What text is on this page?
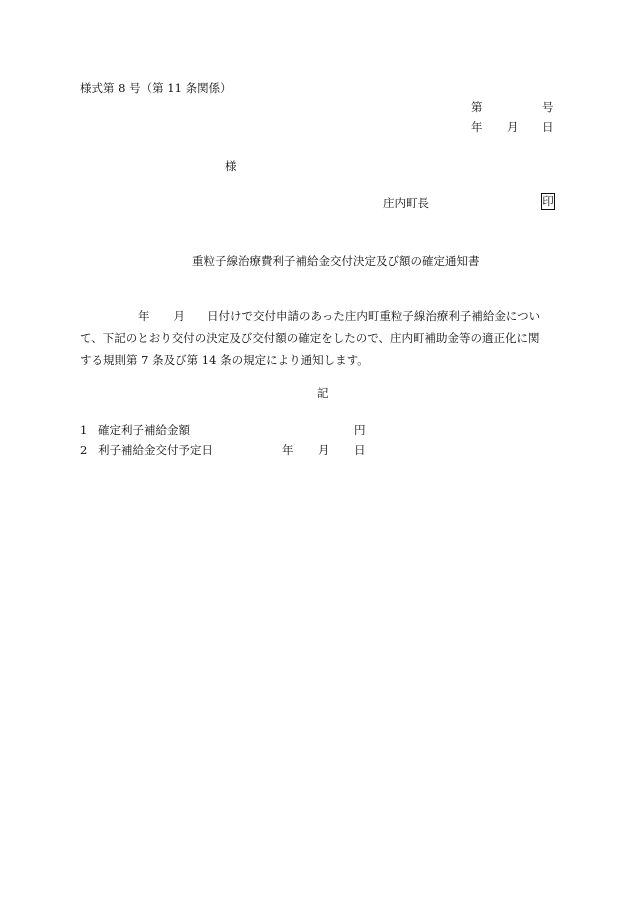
様式第 8 号（第 11 条関係）
第	号
年 月 日
様
庄内町長	印
重粒子線治療費利子補給金交付決定及び額の確定通知書
年 月 日付けで交付申請のあった庄内町重粒子線治療利子補給金につい
て、下記のとおり交付の決定及び交付額の確定をしたので、庄内町補助金等の適正化に関
する規則第 7 条及び第 14 条の規定により通知します。
記
1 確定利子補給金額	円
2 利子補給金交付予定日	年 月 日
